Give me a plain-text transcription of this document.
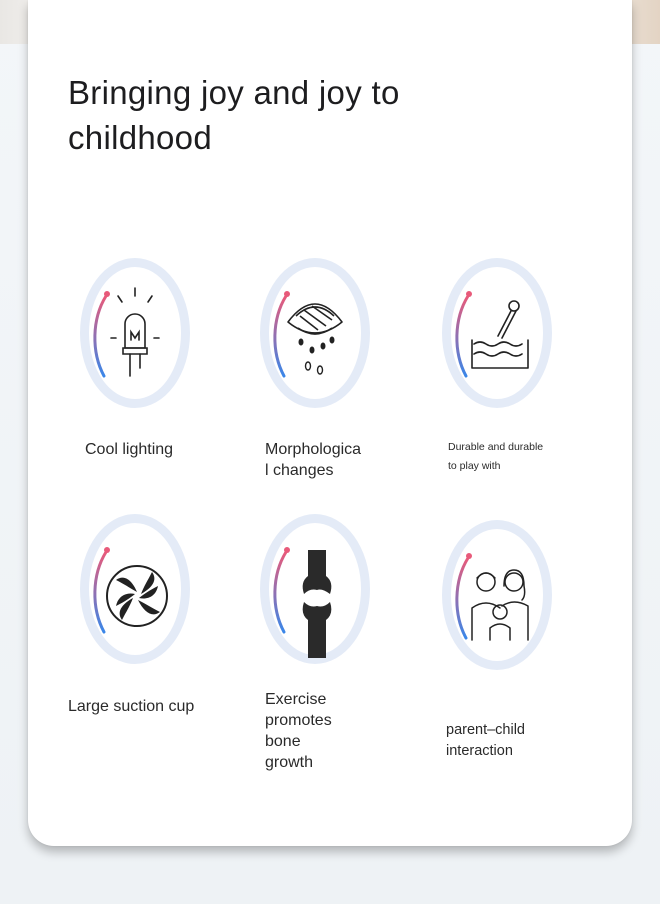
Bringing joy and joy to childhood
Cool lighting	Morphologica
l changes
Durable and durable
to play with
Large suction cup	Exercise
promotes
bone
growth
parent–child
interaction
